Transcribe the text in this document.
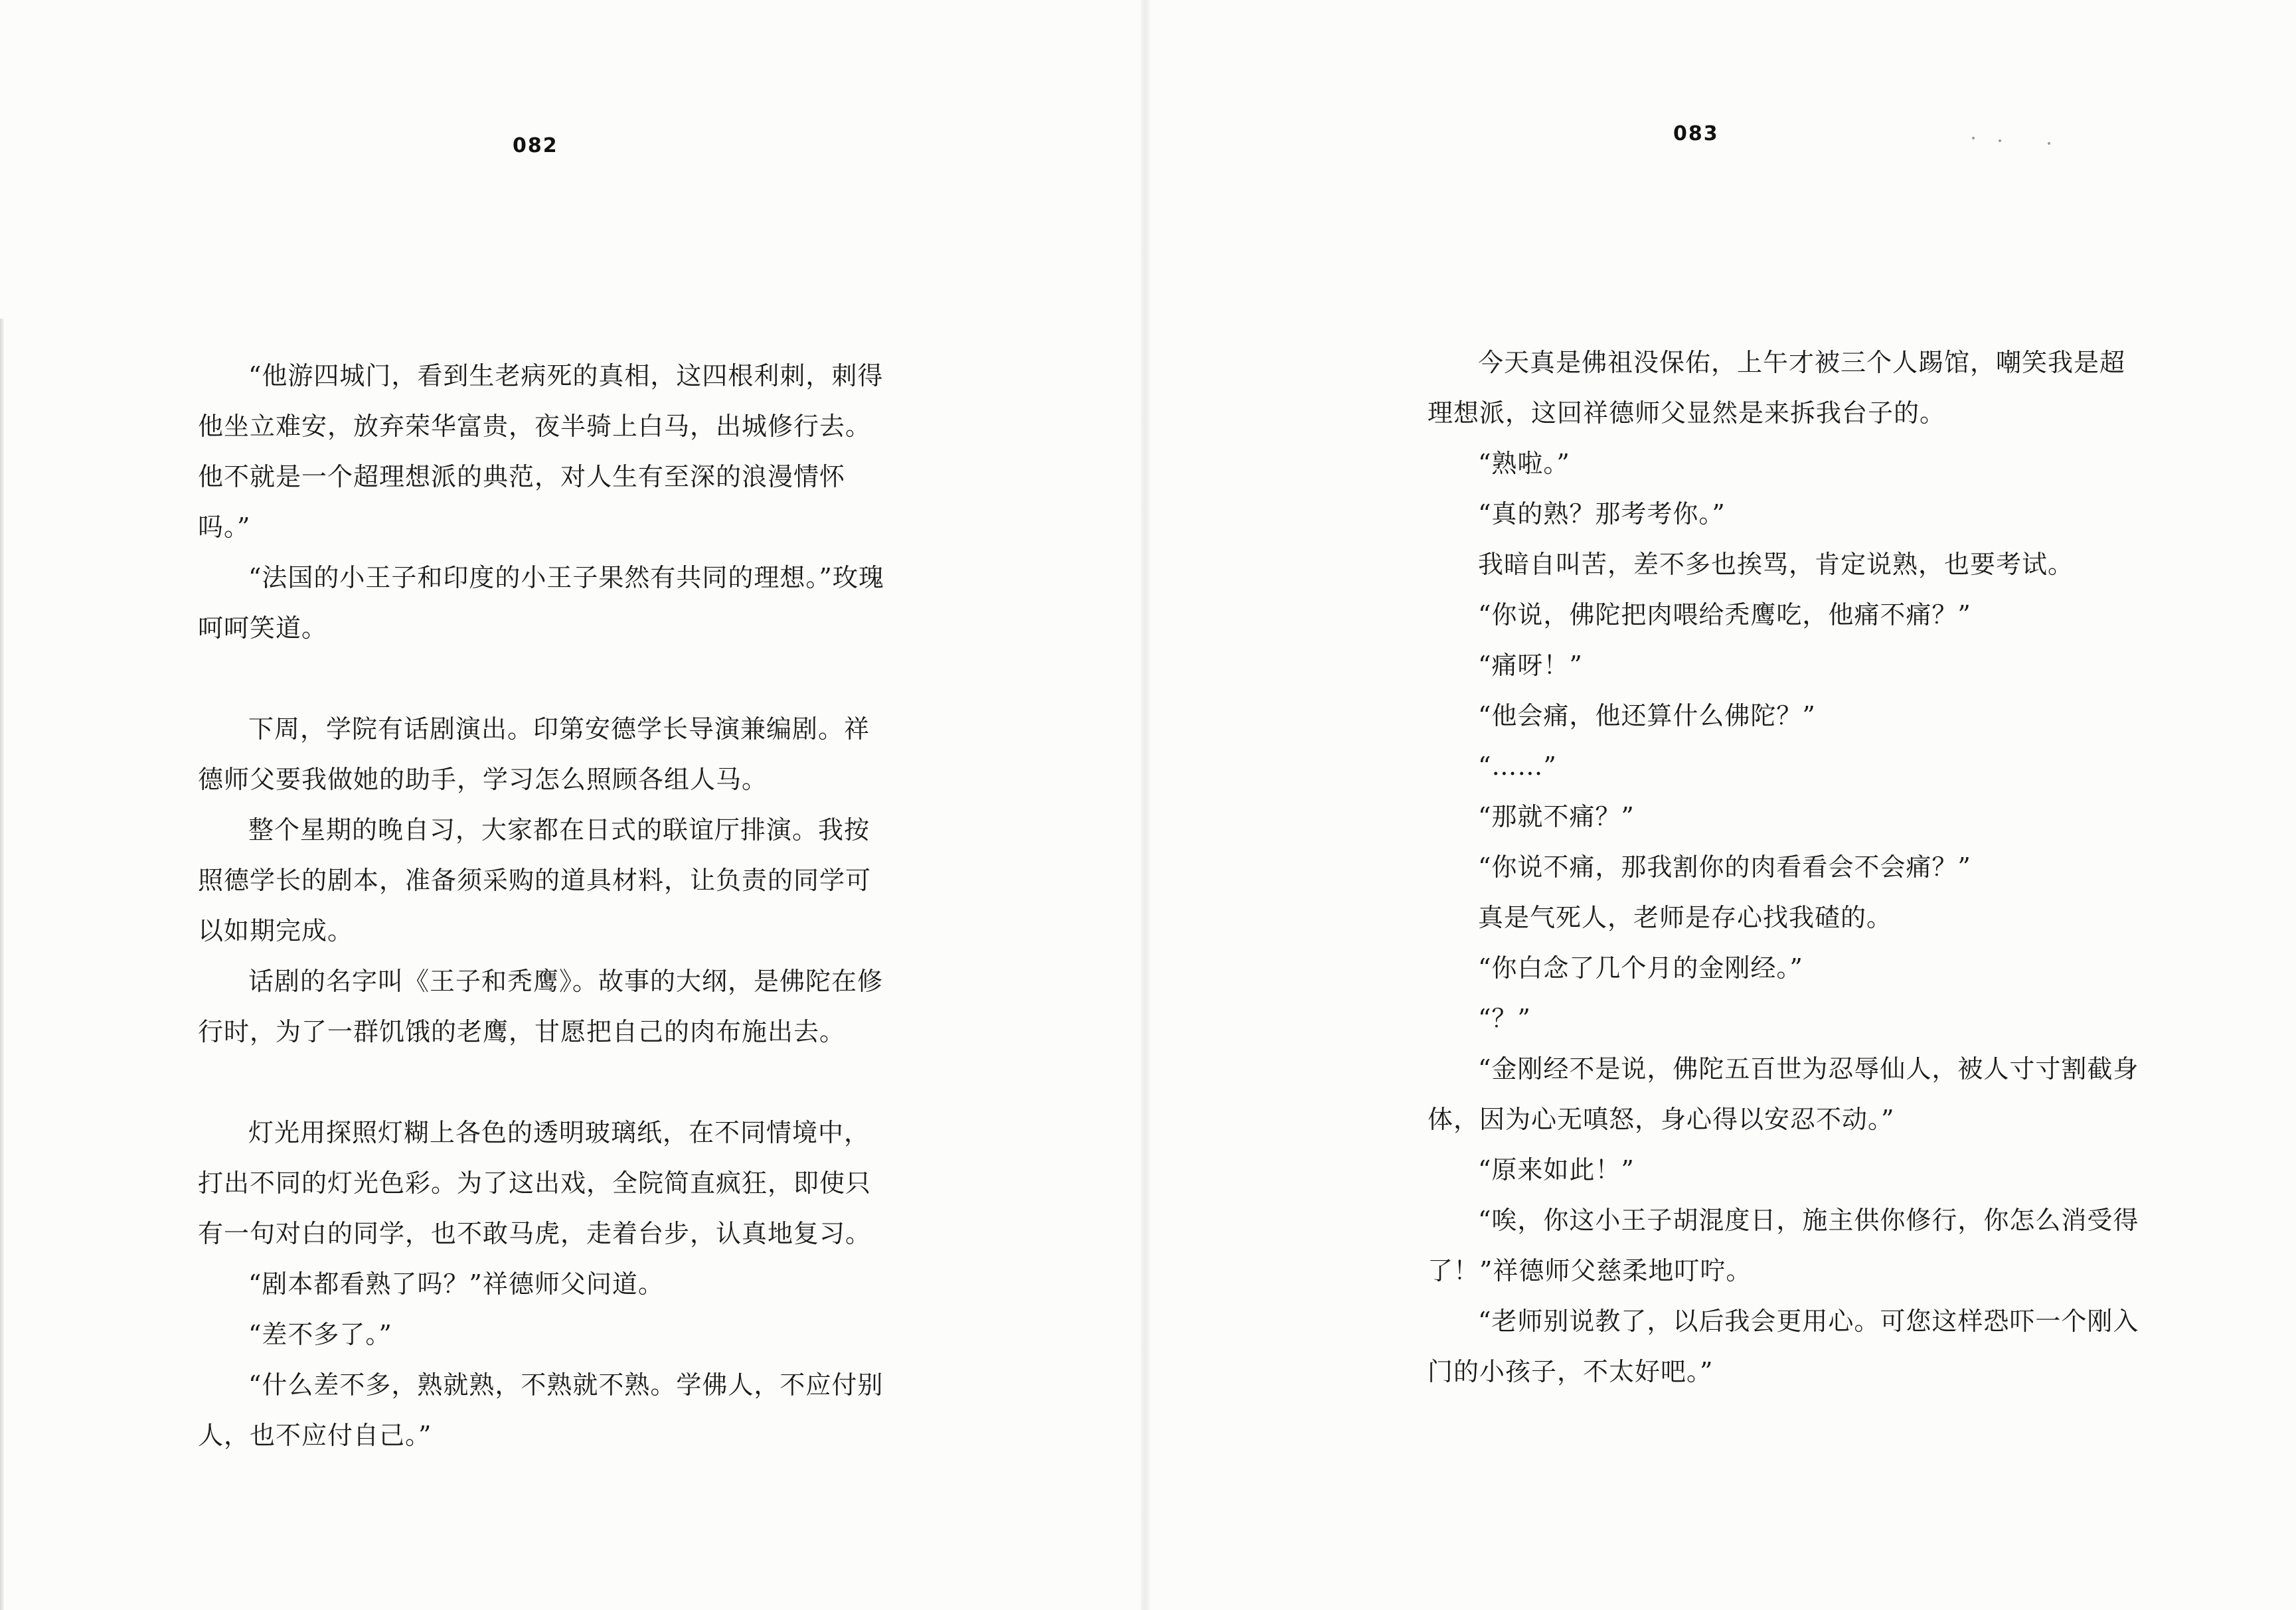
082

“他游四城门，看到生老病死的真相，这四根利刺，刺得他坐立难安，放弃荣华富贵，夜半骑上白马，出城修行去。他不就是一个超理想派的典范，对人生有至深的浪漫情怀吗。”

“法国的小王子和印度的小王子果然有共同的理想。”玫瑰呵呵笑道。

下周，学院有话剧演出。印第安德学长导演兼编剧。祥德师父要我做她的助手，学习怎么照顾各组人马。

整个星期的晚自习，大家都在日式的联谊厅排演。我按照德学长的剧本，准备须采购的道具材料，让负责的同学可以如期完成。

话剧的名字叫《王子和秃鹰》。故事的大纲，是佛陀在修行时，为了一群饥饿的老鹰，甘愿把自己的肉布施出去。

灯光用探照灯糊上各色的透明玻璃纸，在不同情境中，打出不同的灯光色彩。为了这出戏，全院简直疯狂，即使只有一句对白的同学，也不敢马虎，走着台步，认真地复习。

“剧本都看熟了吗？”祥德师父问道。

“差不多了。”

“什么差不多，熟就熟，不熟就不熟。学佛人，不应付别人，也不应付自己。”

083

今天真是佛祖没保佑，上午才被三个人踢馆，嘲笑我是超理想派，这回祥德师父显然是来拆我台子的。

“熟啦。”

“真的熟？那考考你。”

我暗自叫苦，差不多也挨骂，肯定说熟，也要考试。

“你说，佛陀把肉喂给秃鹰吃，他痛不痛？”

“痛呀！”

“他会痛，他还算什么佛陀？”

“……”

“那就不痛？”

“你说不痛，那我割你的肉看看会不会痛？”

真是气死人，老师是存心找我碴的。

“你白念了几个月的金刚经。”

“？”

“金刚经不是说，佛陀五百世为忍辱仙人，被人寸寸割截身体，因为心无嗔怒，身心得以安忍不动。”

“原来如此！”

“唉，你这小王子胡混度日，施主供你修行，你怎么消受得了！”祥德师父慈柔地叮咛。

“老师别说教了，以后我会更用心。可您这样恐吓一个刚入门的小孩子，不太好吧。”
